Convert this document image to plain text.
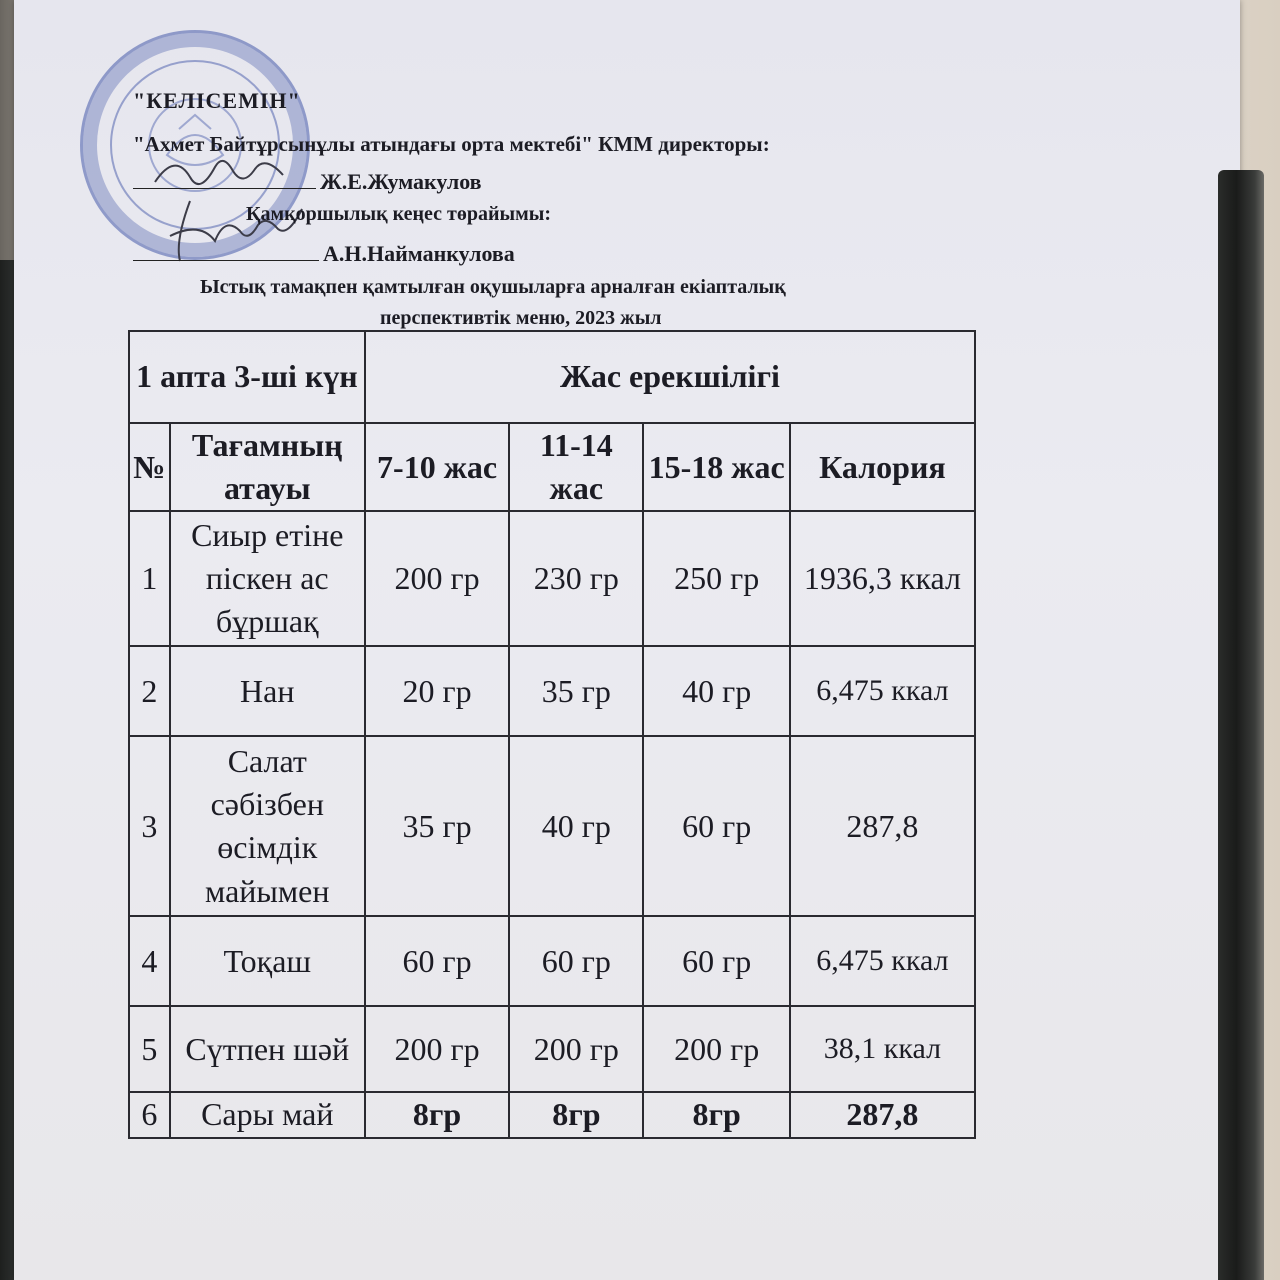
"КЕЛІСЕМІН"
"Ахмет Байтұрсынұлы атындағы орта мектебі" КММ директоры:
Ж.Е.Жумакулов
Қамқоршылық кеңес төрайымы:
А.Н.Найманкулова
Ыстық тамақпен қамтылған оқушыларға арналған екіапталық
перспективтік меню, 2023 жыл
1 апта 3-ші күн		Жас ерекшілігі			
№	Тағамның атауы	7-10 жас	11-14 жас	15-18 жас	Калория
1	Сиыр етіне піскен ас бұршақ	200 гр	230 гр	250 гр	1936,3 ккал
2	Нан	20 гр	35 гр	40 гр	6,475 ккал
3	Салат сәбізбен өсімдік майымен	35 гр	40 гр	60 гр	287,8
4	Тоқаш	60 гр	60 гр	60 гр	6,475 ккал
5	Сүтпен шәй	200 гр	200 гр	200 гр	38,1 ккал
6	Сары май	8гр	8гр	8гр	287,8
